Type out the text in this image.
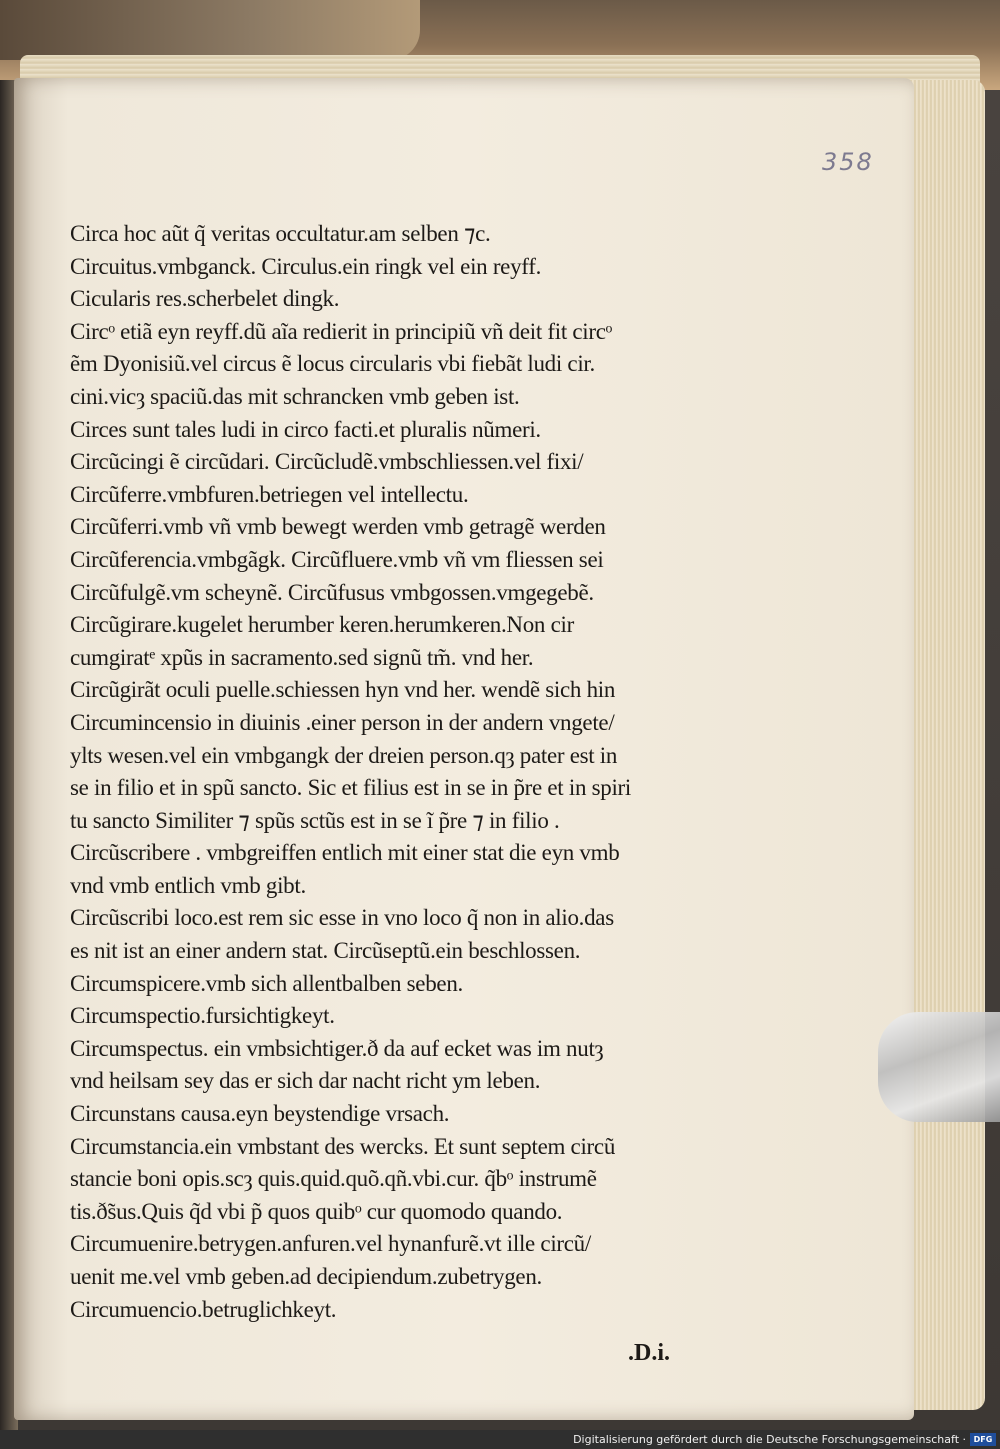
358
Circa hoc aũt q̃ veritas occultatur.am selben ⁊c.
Circuitus.vmbganck. Circulus.ein ringk vel ein reyff.
Cicularis res.scherbelet dingk.
Circᵒ etiã eyn reyff.dũ aĩa redierit in principiũ vñ deit fit circᵒ
ẽm Dyonisiũ.vel circus ẽ locus circularis vbi fiebãt ludi cir.
cini.vicȝ spaciũ.das mit schrancken vmb geben ist.
Circes sunt tales ludi in circo facti.et pluralis nũmeri.
Circũcingi ẽ circũdari. Circũcludẽ.vmbschliessen.vel fixi/
Circũferre.vmbfuren.betriegen vel intellectu.
Circũferri.vmb vñ vmb bewegt werden vmb getragẽ werden
Circũferencia.vmbgãgk. Circũfluere.vmb vñ vm fliessen sei
Circũfulgẽ.vm scheynẽ. Circũfusus vmbgossen.vmgegebẽ.
Circũgirare.kugelet herumber keren.herumkeren.Non cir
cumgiratᵉ xpũs in sacramento.sed signũ tm̃. vnd her.
Circũgirãt oculi puelle.schiessen hyn vnd her. wendẽ sich hin
Circumincensio in diuinis .einer person in der andern vngete/
ylts wesen.vel ein vmbgangk der dreien person.qȝ pater est in
se in filio et in spũ sancto. Sic et filius est in se in p̃re et in spiri
tu sancto Similiter ⁊ spũs sctũs est in se ĩ p̃re ⁊ in filio .
Circũscribere . vmbgreiffen entlich mit einer stat die eyn vmb
vnd vmb entlich vmb gibt.
Circũscribi loco.est rem sic esse in vno loco q̃ non in alio.das
es nit ist an einer andern stat. Circũseptũ.ein beschlossen.
Circumspicere.vmb sich allentbalben seben.
Circumspectio.fursichtigkeyt.
Circumspectus. ein vmbsichtiger.ð da auf ecket was im nutȝ
vnd heilsam sey das er sich dar nacht richt ym leben.
Circunstans causa.eyn beystendige vrsach.
Circumstancia.ein vmbstant des wercks. Et sunt septem circũ
stancie boni opis.scȝ quis.quid.quõ.qñ.vbi.cur. q̃bᵒ instrumẽ
tis.ð̃sus.Quis q̃d vbi p̃ quos quibᵒ cur quomodo quando.
Circumuenire.betrygen.anfuren.vel hynanfurẽ.vt ille circũ/
uenit me.vel vmb geben.ad decipiendum.zubetrygen.
Circumuencio.betruglichkeyt.
.D.i.
Digitalisierung gefördert durch die Deutsche Forschungsgemeinschaft · DFG
